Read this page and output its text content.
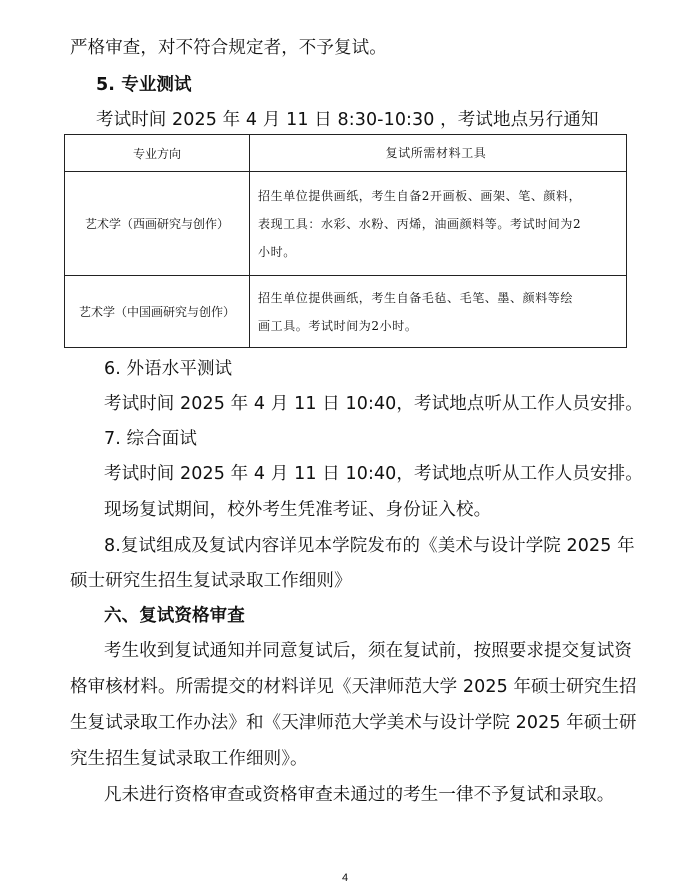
严格审查，对不符合规定者，不予复试。
5. 专业测试
考试时间 2025 年 4 月 11 日 8:30-10:30 ，考试地点另行通知
专业方向	复试所需材料工具
艺术学（西画研究与创作）	招生单位提供画纸，考生自备2开画板、画架、笔、颜料，
表现工具：水彩、水粉、丙烯，油画颜料等。考试时间为2
小时。

艺术学（中国画研究与创作）	招生单位提供画纸，考生自备毛毡、毛笔、墨、颜料等绘
画工具。考试时间为2小时。
6. 外语水平测试
考试时间 2025 年 4 月 11 日 10:40，考试地点听从工作人员安排。
7. 综合面试
考试时间 2025 年 4 月 11 日 10:40，考试地点听从工作人员安排。
现场复试期间，校外考生凭准考证、身份证入校。
8.复试组成及复试内容详见本学院发布的《美术与设计学院 2025 年
硕士研究生招生复试录取工作细则》
六、复试资格审查
考生收到复试通知并同意复试后，须在复试前，按照要求提交复试资
格审核材料。所需提交的材料详见《天津师范大学 2025 年硕士研究生招
生复试录取工作办法》和《天津师范大学美术与设计学院 2025 年硕士研
究生招生复试录取工作细则》。
凡未进行资格审查或资格审查未通过的考生一律不予复试和录取。
4
